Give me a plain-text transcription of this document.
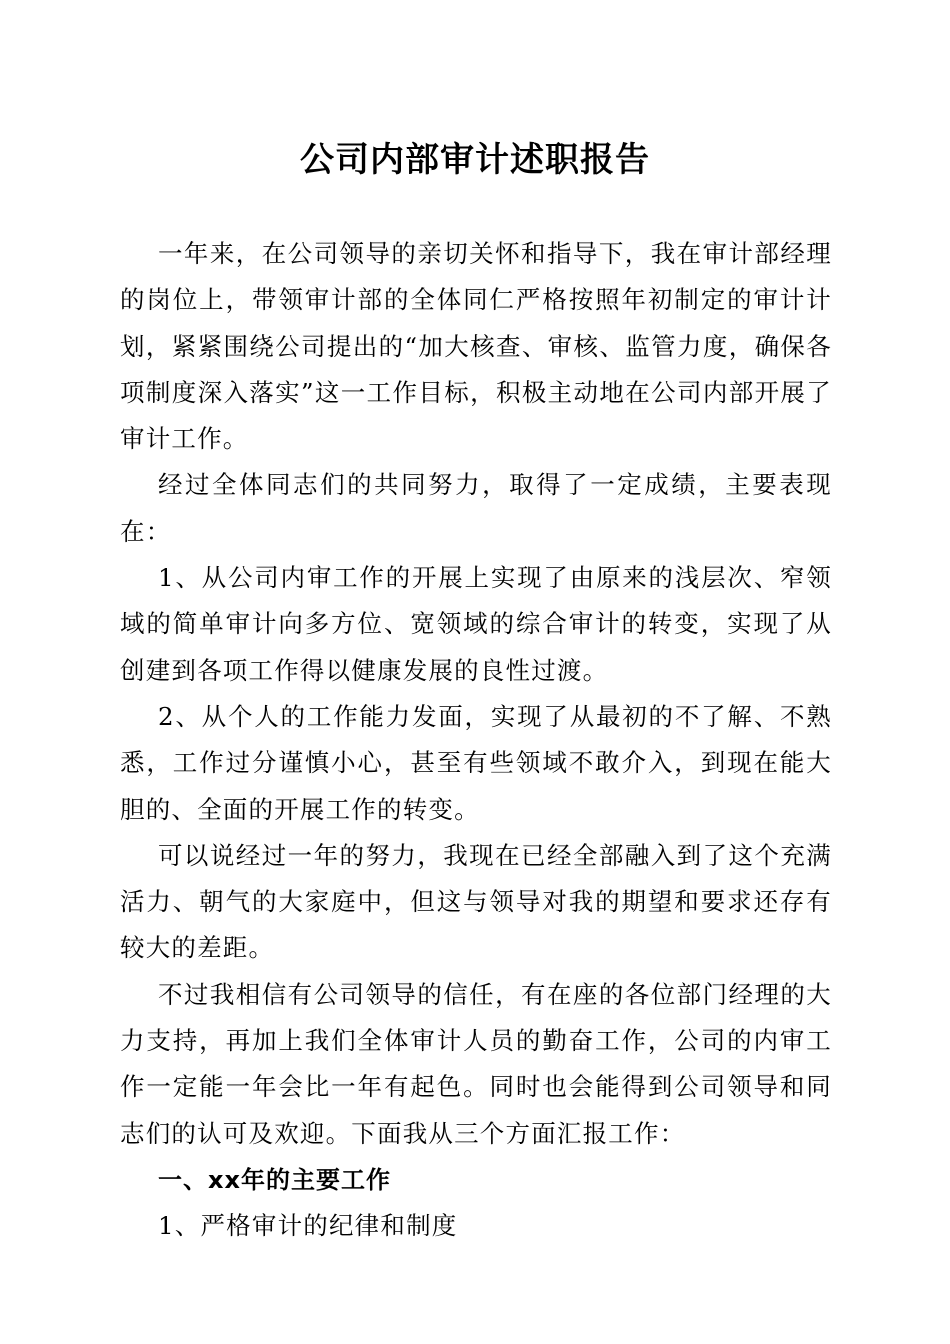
公司内部审计述职报告

一年来，在公司领导的亲切关怀和指导下，我在审计部经理的岗位上，带领审计部的全体同仁严格按照年初制定的审计计划，紧紧围绕公司提出的“加大核查、审核、监管力度，确保各项制度深入落实”这一工作目标，积极主动地在公司内部开展了审计工作。

经过全体同志们的共同努力，取得了一定成绩，主要表现在：

1、从公司内审工作的开展上实现了由原来的浅层次、窄领域的简单审计向多方位、宽领域的综合审计的转变，实现了从创建到各项工作得以健康发展的良性过渡。

2、从个人的工作能力发面，实现了从最初的不了解、不熟悉，工作过分谨慎小心，甚至有些领域不敢介入，到现在能大胆的、全面的开展工作的转变。

可以说经过一年的努力，我现在已经全部融入到了这个充满活力、朝气的大家庭中，但这与领导对我的期望和要求还存有较大的差距。

不过我相信有公司领导的信任，有在座的各位部门经理的大力支持，再加上我们全体审计人员的勤奋工作，公司的内审工作一定能一年会比一年有起色。同时也会能得到公司领导和同志们的认可及欢迎。下面我从三个方面汇报工作：

一、xx年的主要工作

1、严格审计的纪律和制度
